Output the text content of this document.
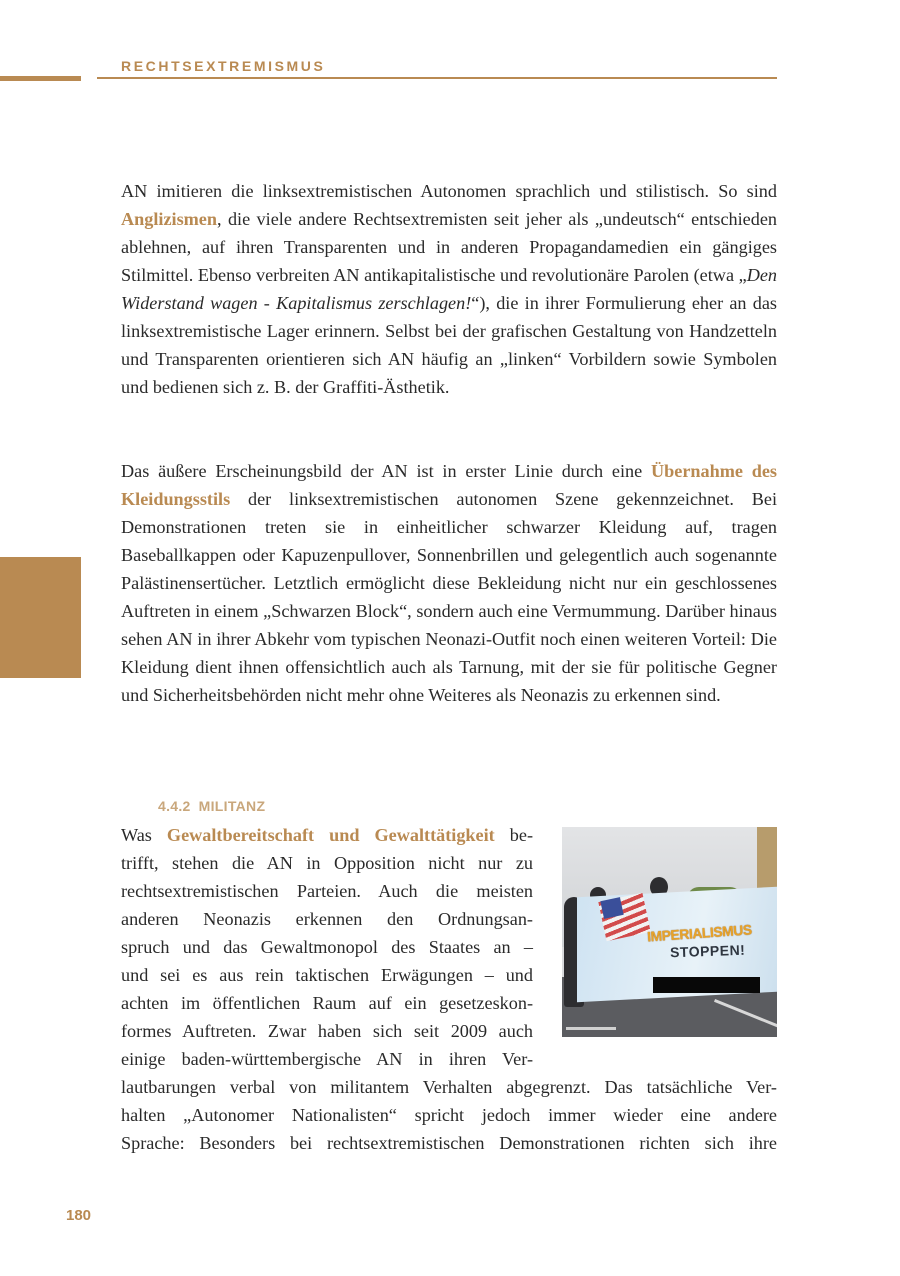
RECHTSEXTREMISMUS

AN imitieren die linksextremistischen Autonomen sprachlich und stilistisch. So sind Anglizismen, die viele andere Rechtsextremisten seit jeher als „undeutsch“ entschieden ablehnen, auf ihren Transparenten und in anderen Propagandamedien ein gängiges Stilmittel. Ebenso verbreiten AN antikapitalistische und revolutionäre Parolen (etwa „Den Widerstand wagen - Kapitalismus zerschlagen!“), die in ihrer Formulierung eher an das linksextremistische Lager erinnern. Selbst bei der grafischen Gestaltung von Handzetteln und Transparenten orientieren sich AN häufig an „linken“ Vorbildern sowie Symbolen und bedienen sich z. B. der Graffiti-Ästhetik.

Das äußere Erscheinungsbild der AN ist in erster Linie durch eine Übernahme des Kleidungsstils der linksextremistischen autonomen Szene gekennzeichnet. Bei Demonstrationen treten sie in einheitlicher schwarzer Kleidung auf, tragen Baseballkappen oder Kapuzenpullover, Sonnenbrillen und gelegentlich auch sogenannte Palästinensertücher. Letztlich ermöglicht diese Bekleidung nicht nur ein geschlossenes Auftreten in einem „Schwarzen Block“, sondern auch eine Vermummung. Darüber hinaus sehen AN in ihrer Abkehr vom typischen Neonazi-Outfit noch einen weiteren Vorteil: Die Kleidung dient ihnen offensichtlich auch als Tarnung, mit der sie für politische Gegner und Sicherheitsbehörden nicht mehr ohne Weiteres als Neonazis zu erkennen sind.

4.4.2 MILITANZ
Was Gewaltbereitschaft und Gewalttätigkeit be-
trifft, stehen die AN in Opposition nicht nur zu
rechtsextremistischen Parteien. Auch die meisten
anderen Neonazis erkennen den Ordnungsan-
spruch und das Gewaltmonopol des Staates an –
und sei es aus rein taktischen Erwägungen – und
achten im öffentlichen Raum auf ein gesetzeskon-
formes Auftreten. Zwar haben sich seit 2009 auch
einige baden-württembergische AN in ihren Ver-
lautbarungen verbal von militantem Verhalten abgegrenzt. Das tatsächliche Ver-
halten „Autonomer Nationalisten“ spricht jedoch immer wieder eine andere
Sprache: Besonders bei rechtsextremistischen Demonstrationen richten sich ihre
IMPERIALISMUS
STOPPEN!
180
